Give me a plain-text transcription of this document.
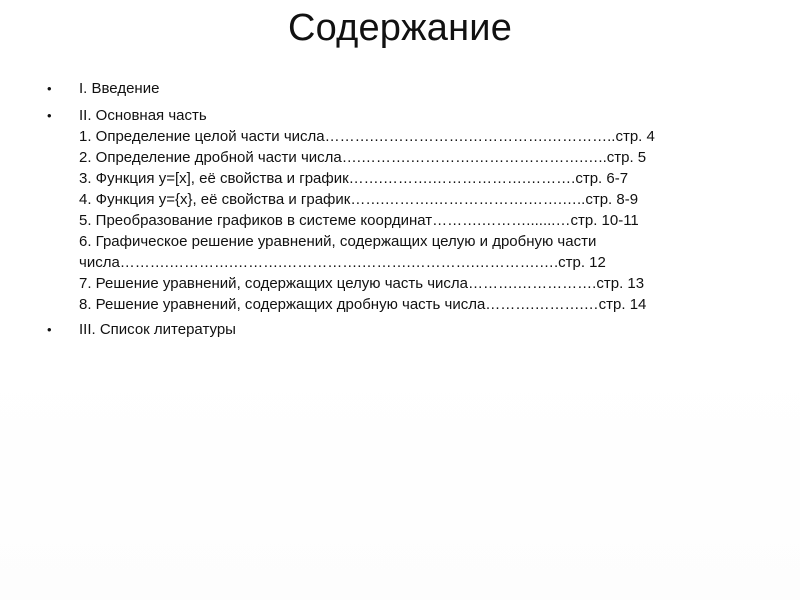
Содержание
• I. Введение
• II. Основная часть
1. Определение целой части числа……….……………….…………….…………..стр. 4
2. Определение дробной части числа….……….………….………………….…..стр. 5
3. Функция y=[x], её свойства и график…….……….……………….……….стр. 6-7
4. Функция y={x}, её свойства и график…….……….……………….…….…..стр. 8-9
5. Преобразование графиков в системе координат……….……….......…стр. 10-11
6. Графическое решение уравнений, содержащих целую и дробную части
числа……….………….……….…………….……….………….………….….стр. 12
7. Решение уравнений, содержащих целую часть числа……….…………….стр. 13
8. Решение уравнений, содержащих дробную часть числа……….……….…стр. 14
• III. Список литературы
